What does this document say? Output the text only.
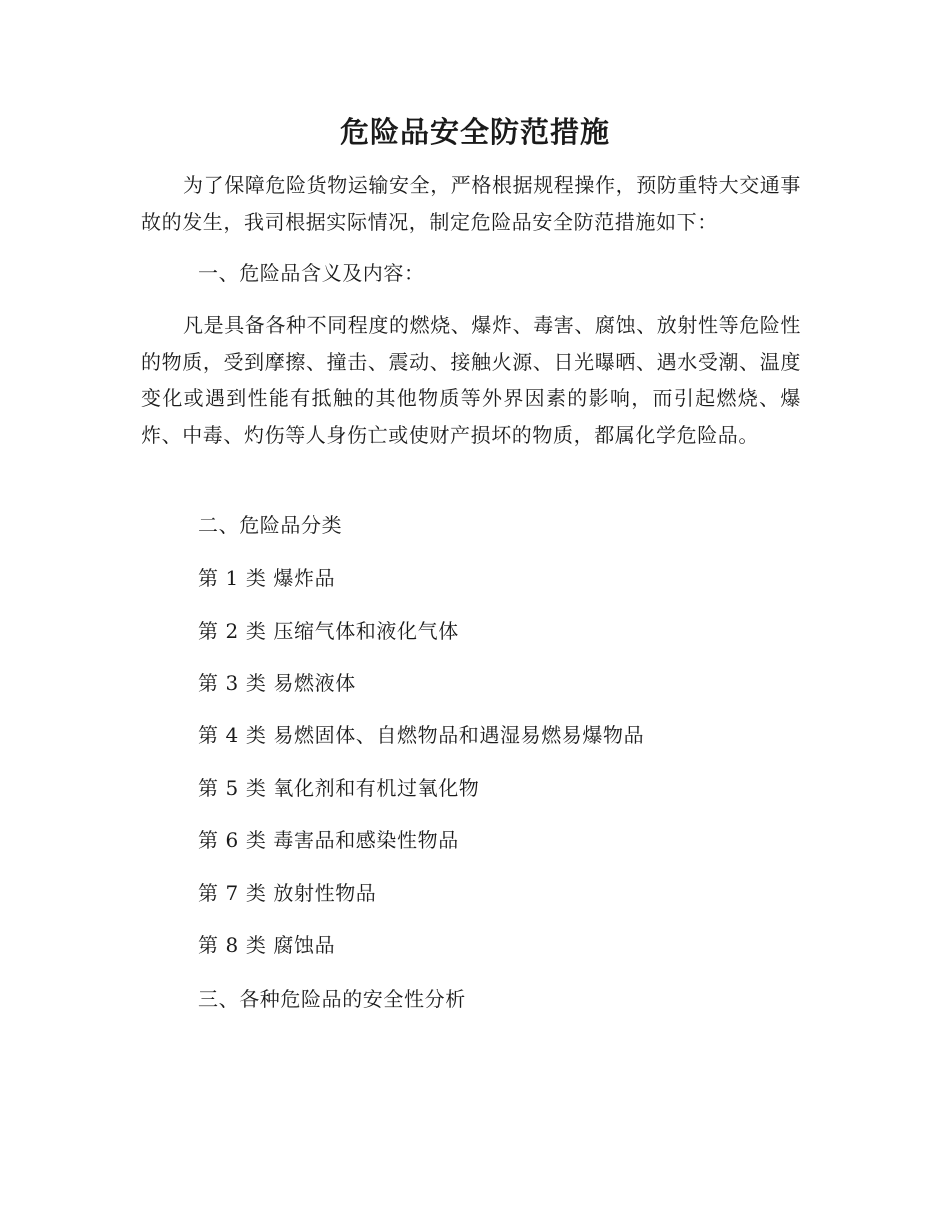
危险品安全防范措施
为了保障危险货物运输安全，严格根据规程操作，预防重特大交通事故的发生，我司根据实际情况，制定危险品安全防范措施如下：
一、危险品含义及内容：
凡是具备各种不同程度的燃烧、爆炸、毒害、腐蚀、放射性等危险性的物质，受到摩擦、撞击、震动、接触火源、日光曝晒、遇水受潮、温度变化或遇到性能有抵触的其他物质等外界因素的影响，而引起燃烧、爆炸、中毒、灼伤等人身伤亡或使财产损坏的物质，都属化学危险品。
二、危险品分类
第 1 类 爆炸品
第 2 类 压缩气体和液化气体
第 3 类 易燃液体
第 4 类 易燃固体、自燃物品和遇湿易燃易爆物品
第 5 类 氧化剂和有机过氧化物
第 6 类 毒害品和感染性物品
第 7 类 放射性物品
第 8 类 腐蚀品
三、各种危险品的安全性分析
